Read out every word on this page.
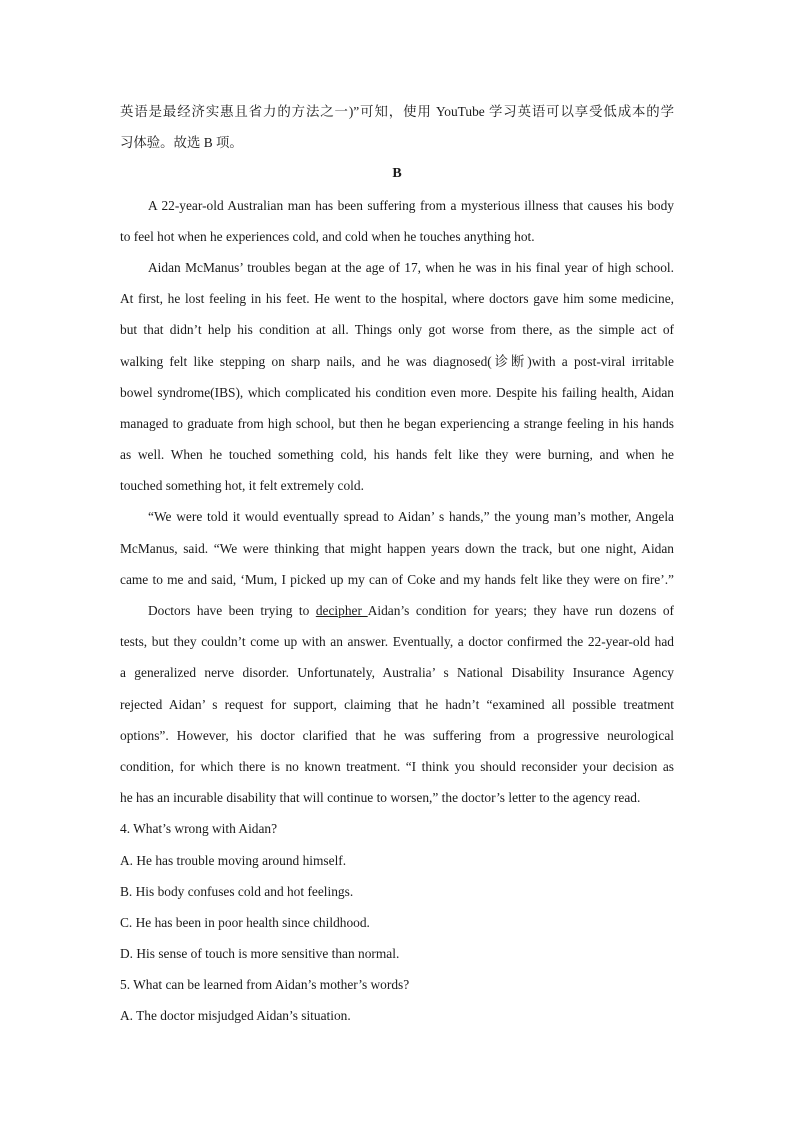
英语是最经济实惠且省力的方法之一)”可知，使用 YouTube 学习英语可以享受低成本的学

习体验。故选 B 项。

B

A 22-year-old Australian man has been suffering from a mysterious illness that causes his body

to feel hot when he experiences cold, and cold when he touches anything hot.

Aidan McManus’ troubles began at the age of 17, when he was in his final year of high school.

At first, he lost feeling in his feet. He went to the hospital, where doctors gave him some medicine,

but that didn’t help his condition at all. Things only got worse from there, as the simple act of

walking felt like stepping on sharp nails, and he was diagnosed(诊断)with a post-viral irritable

bowel syndrome(IBS), which complicated his condition even more. Despite his failing health, Aidan

managed to graduate from high school, but then he began experiencing a strange feeling in his hands

as well. When he touched something cold, his hands felt like they were burning, and when he

touched something hot, it felt extremely cold.

“We were told it would eventually spread to Aidan’ s hands,” the young man’s mother, Angela

McManus, said. “We were thinking that might happen years down the track, but one night, Aidan

came to me and said, ‘Mum, I picked up my can of Coke and my hands felt like they were on fire’.”

Doctors have been trying to decipher Aidan’s condition for years; they have run dozens of

tests, but they couldn’t come up with an answer. Eventually, a doctor confirmed the 22-year-old had

a generalized nerve disorder. Unfortunately, Australia’ s National Disability Insurance Agency

rejected Aidan’ s request for support, claiming that he hadn’t “examined all possible treatment

options”. However, his doctor clarified that he was suffering from a progressive neurological

condition, for which there is no known treatment. “I think you should reconsider your decision as

he has an incurable disability that will continue to worsen,” the doctor’s letter to the agency read.

4. What’s wrong with Aidan?

A. He has trouble moving around himself.

B. His body confuses cold and hot feelings.

C. He has been in poor health since childhood.

D. His sense of touch is more sensitive than normal.

5. What can be learned from Aidan’s mother’s words?

A. The doctor misjudged Aidan’s situation.
